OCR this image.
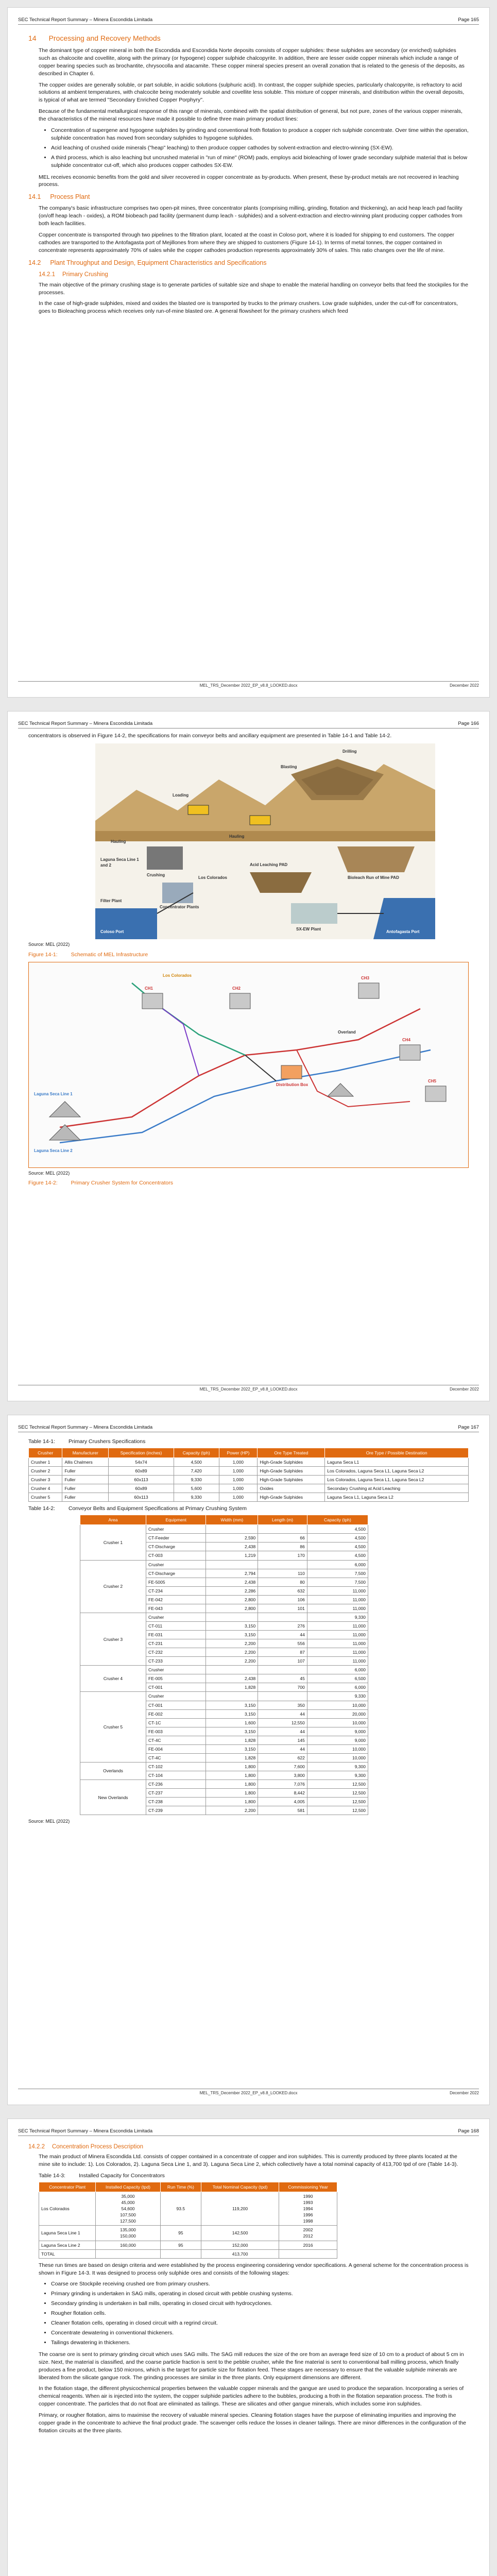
SEC Technical Report Summary – Minera Escondida Limitada	Page 165
14 Processing and Recovery Methods

The dominant type of copper mineral in both the Escondida and Escondida Norte deposits consists of copper sulphides: these sulphides are secondary (or enriched) sulphides such as chalcocite and covellite, along with the primary (or hypogene) copper sulphide chalcopyrite. In addition, there are lesser oxide copper minerals which include a range of copper bearing species such as brochantite, chrysocolla and atacamite. These copper mineral species present an overall zonation that is related to the genesis of the deposits, as described in Chapter 6.

The copper oxides are generally soluble, or part soluble, in acidic solutions (sulphuric acid). In contrast, the copper sulphide species, particularly chalcopyrite, is refractory to acid solutions at ambient temperatures, with chalcocite being moderately soluble and covellite less soluble. This mixture of copper minerals, and distribution within the overall deposits, is typical of what are termed "Secondary Enriched Copper Porphyry".

Because of the fundamental metallurgical response of this range of minerals, combined with the spatial distribution of general, but not pure, zones of the various copper minerals, the characteristics of the mineral resources have made it possible to define three main primary product lines:

• Concentration of supergene and hypogene sulphides by grinding and conventional froth flotation to produce a copper rich sulphide concentrate. Over time within the operation, sulphide concentration has moved from secondary sulphides to hypogene sulphides.
• Acid leaching of crushed oxide minerals ("heap" leaching) to then produce copper cathodes by solvent-extraction and electro-winning (SX-EW).
• A third process, which is also leaching but uncrushed material in "run of mine" (ROM) pads, employs acid bioleaching of lower grade secondary sulphide material that is below sulphide concentrator cut-off, which also produces copper cathodes SX-EW.

MEL receives economic benefits from the gold and silver recovered in copper concentrate as by-products. When present, these by-product metals are not recovered in leaching process.

14.1 Process Plant

The company's basic infrastructure comprises two open-pit mines, three concentrator plants (comprising milling, grinding, flotation and thickening), an acid heap leach pad facility (on/off heap leach - oxides), a ROM biobeach pad facility (permanent dump leach - sulphides) and a solvent-extraction and electro-winning plant producing copper cathodes from both leach facilities.

Copper concentrate is transported through two pipelines to the filtration plant, located at the coast in Coloso port, where it is loaded for shipping to end customers. The copper cathodes are transported to the Antofagasta port of Mejillones from where they are shipped to customers (Figure 14-1). In terms of metal tonnes, the copper contained in concentrate represents approximately 70% of sales while the copper cathodes production represents approximately 30% of sales. This ratio changes over the life of mine.

14.2 Plant Throughput and Design, Equipment Characteristics and Specifications
14.2.1 Primary Crushing

The main objective of the primary crushing stage is to generate particles of suitable size and shape to enable the material handling on conveyor belts that feed the stockpiles for the processes.

In the case of high-grade sulphides, mixed and oxides the blasted ore is transported by trucks to the primary crushers. Low grade sulphides, under the cut-off for concentrators, goes to Bioleaching process which receives only run-of-mine blasted ore. A general flowsheet for the primary crushers which feed

MEL_TRS_December 2022_EP_v8.8_LOOKED.docx	December 2022
SEC Technical Report Summary – Minera Escondida Limitada	Page 166

concentrators is observed in Figure 14-2, the specifications for main conveyor belts and ancillary equipment are presented in Table 14-1 and Table 14-2.

Drilling
Blasting
Loading
Hauling
Hauling
Crushing
Bioleach Run of Mine PAD
Concentrator Plants
Acid Leaching PAD
SX-EW Plant
Filter Plant
Coloso Port	Antofagasta Port
Laguna Seca Line 1 and 2
Los Colorados
Source: MEL (2022)
Figure 14-1: Schematic of MEL Infrastructure
Los Colorados
CH1	CH2
CH3
CH4
CH5
Laguna Seca Line 1
Laguna Seca Line 2
Distribution Box
Overland
Source: MEL (2022)
Figure 14-2: Primary Crusher System for Concentrators
MEL_TRS_December 2022_EP_v8.8_LOOKED.docx	December 2022
SEC Technical Report Summary – Minera Escondida Limitada	Page 167
Table 14-1: Primary Crushers Specifications
Crusher	Manufacturer	Specification (inches)	Capacity (tph)	Power (HP)	Ore Type Treated	Ore Type / Possible Destination
Crusher 1	Allis Chalmers	54x74	4,500	1,000	High-Grade Sulphides	Laguna Seca L1
Crusher 2	Fuller	60x89	7,420	1,000	High-Grade Sulphides	Los Colorados, Laguna Seca L1, Laguna Seca L2
Crusher 3	Fuller	60x113	9,330	1,000	High-Grade Sulphides	Los Colorados, Laguna Seca L1, Laguna Seca L2
Crusher 4	Fuller	60x89	5,600	1,000	Oxides	Secondary Crushing at Acid Leaching
Crusher 5	Fuller	60x113	9,330	1,000	High-Grade Sulphides	Laguna Seca L1, Laguna Seca L2
Table 14-2: Conveyor Belts and Equipment Specifications at Primary Crushing System
Area	Equipment	Width (mm)	Length (m)	Capacity (tph)
Crusher 1	Crusher			4,500
	CT-Feeder	2,590	66	4,500
	CT-Discharge	2,438	86	4,500
	CT-003	1,219	170	4,500
Crusher 2	Crusher			6,000
	CT-Discharge	2,794	110	7,500
	FE-5005	2,438	80	7,500
	CT-234	2,286	632	11,000
	FE-042	2,800	106	11,000
	FE-043	2,800	101	11,000
Crusher 3	Crusher			9,330
	CT-011	3,150	276	11,000
	FE-031	3,150	44	11,000
	CT-231	2,200	556	11,000
	CT-232	2,200	87	11,000
	CT-233	2,200	107	11,000
Crusher 4	Crusher			6,000
	FE-005	2,438	45	6,500
	CT-001	1,828	700	6,000
Crusher 5	Crusher			9,330
	CT-001	3,150	350	10,000
	FE-002	3,150	44	20,000
	CT-1C	1,600	12,550	10,000
	FE-003	3,150	44	9,000
	CT-4C	1,828	145	9,000
	FE-004	3,150	44	10,000
	CT-4C	1,828	622	10,000
Overlands	CT-102	1,800	7,600	9,300
	CT-104	1,800	3,800	9,300
New Overlands	CT-236	1,800	7,076	12,500
	CT-237	1,800	8,442	12,500
	CT-238	1,800	4,005	12,500
	CT-239	2,200	581	12,500
Source: MEL (2022)
MEL_TRS_December 2022_EP_v8.8_LOOKED.docx	December 2022
SEC Technical Report Summary – Minera Escondida Limitada	Page 168
14.2.2 Concentration Process Description

The main product of Minera Escondida Ltd. consists of copper contained in a concentrate of copper and iron sulphides. This is currently produced by three plants located at the mine site to include: 1). Los Colorados, 2). Laguna Seca Line 1, and 3). Laguna Seca Line 2, which collectively have a total nominal capacity of 413,700 tpd of ore (Table 14-3).

Table 14-3: Installed Capacity for Concentrators
Concentrator Plant	Installed Capacity (tpd)	Run Time (%)	Total Nominal Capacity (tpd)	Commissioning Year
Los Colorados	35,000
45,000
54,600
107,500
127,500	93.5	119,200	1990
1993
1994
1996
1998
Laguna Seca Line 1	135,000
150,000	95	142,500	2002
2012
Laguna Seca Line 2	160,000	95	152,000	2016
TOTAL			413,700	

These run times are based on design criteria and were established by the process engineering considering vendor specifications. A general scheme for the concentration process is shown in Figure 14-3. It was designed to process only sulphide ores and consists of the following stages:

• Coarse ore Stockpile receiving crushed ore from primary crushers.
• Primary grinding is undertaken in SAG mills, operating in closed circuit with pebble crushing systems.
• Secondary grinding is undertaken in ball mills, operating in closed circuit with hydrocyclones.
• Rougher flotation cells.
• Cleaner flotation cells, operating in closed circuit with a regrind circuit.
• Concentrate dewatering in conventional thickeners.
• Tailings dewatering in thickeners.

The coarse ore is sent to primary grinding circuit which uses SAG mills. The SAG mill reduces the size of the ore from an average feed size of 10 cm to a product of about 5 cm in size. Next, the material is classified, and the coarse particle fraction is sent to the pebble crusher, while the fine material is sent to conventional ball milling process, which finally produces a fine product, below 150 microns, which is the target for particle size for flotation feed. These stages are necessary to ensure that the valuable sulphide minerals are liberated from the silicate gangue rock. The grinding processes are similar in the three plants. Only equipment dimensions are different.

In the flotation stage, the different physicochemical properties between the valuable copper minerals and the gangue are used to produce the separation. Incorporating a series of chemical reagents. When air is injected into the system, the copper sulphide particles adhere to the bubbles, producing a froth in the flotation separation process. The froth is copper concentrate. The particles that do not float are eliminated as tailings. These are silicates and other gangue minerals, which includes some iron sulphides.

Primary, or rougher flotation, aims to maximise the recovery of valuable mineral species. Cleaning flotation stages have the purpose of eliminating impurities and improving the copper grade in the concentrate to achieve the final product grade. The scavenger cells reduce the losses in cleaner tailings. There are minor differences in the configuration of the flotation circuits at the three plants.
